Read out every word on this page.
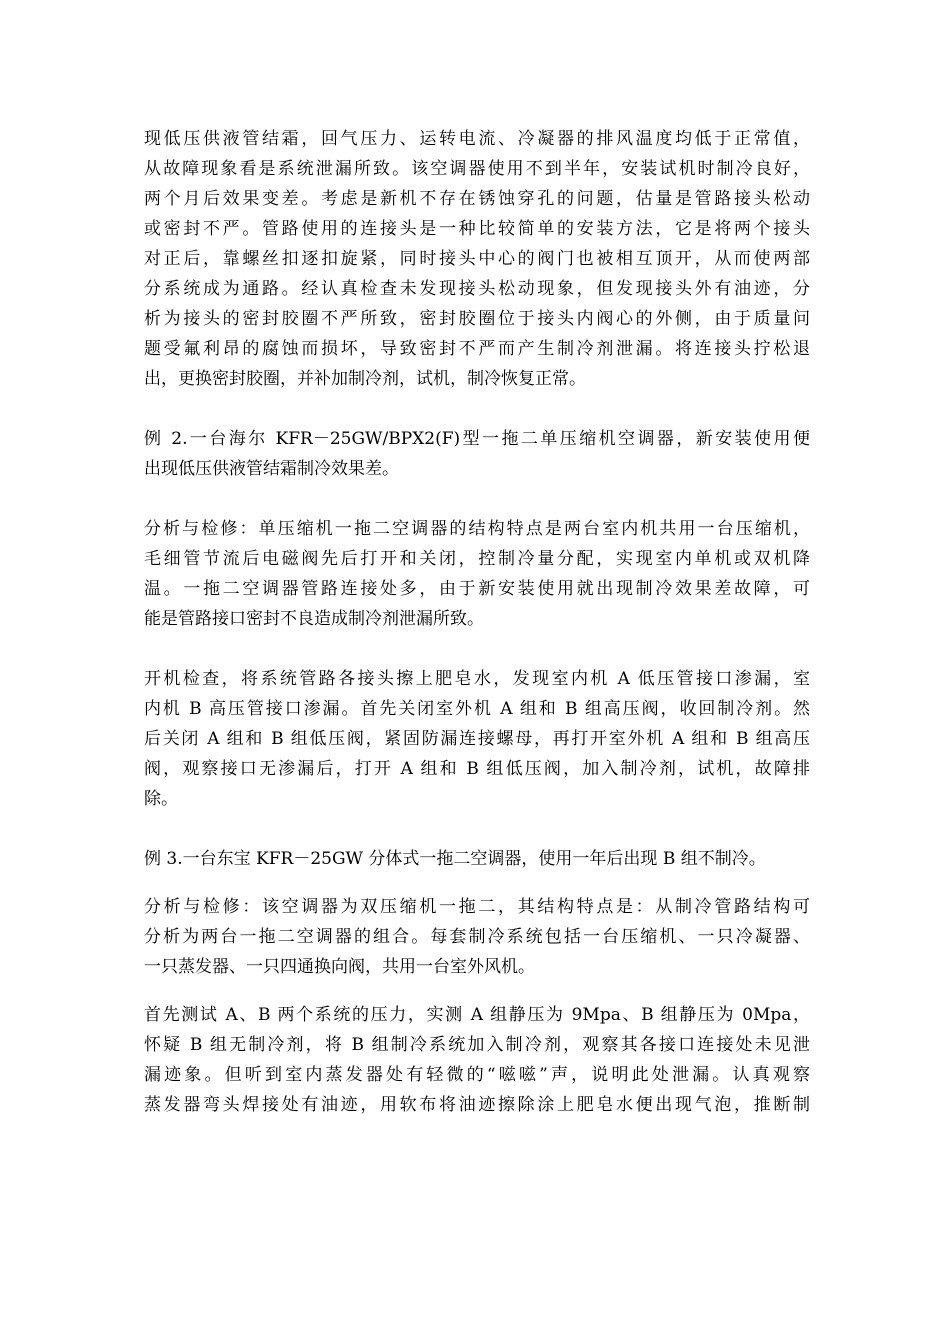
现低压供液管结霜，回气压力、运转电流、冷凝器的排风温度均低于正常值，
从故障现象看是系统泄漏所致。该空调器使用不到半年，安装试机时制冷良好，
两个月后效果变差。考虑是新机不存在锈蚀穿孔的问题，估量是管路接头松动
或密封不严。管路使用的连接头是一种比较简单的安装方法，它是将两个接头
对正后，靠螺丝扣逐扣旋紧，同时接头中心的阀门也被相互顶开，从而使两部
分系统成为通路。经认真检查未发现接头松动现象，但发现接头外有油迹，分
析为接头的密封胶圈不严所致，密封胶圈位于接头内阀心的外侧，由于质量问
题受氟利昂的腐蚀而损坏，导致密封不严而产生制冷剂泄漏。将连接头拧松退
出，更换密封胶圈，并补加制冷剂，试机，制冷恢复正常。
例 2.一台海尔 KFR－25GW/BPX2(F)型一拖二单压缩机空调器，新安装使用便
出现低压供液管结霜制冷效果差。
分析与检修：单压缩机一拖二空调器的结构特点是两台室内机共用一台压缩机，
毛细管节流后电磁阀先后打开和关闭，控制冷量分配，实现室内单机或双机降
温。一拖二空调器管路连接处多，由于新安装使用就出现制冷效果差故障，可
能是管路接口密封不良造成制冷剂泄漏所致。
开机检查，将系统管路各接头擦上肥皂水，发现室内机 A 低压管接口渗漏，室
内机 B 高压管接口渗漏。首先关闭室外机 A 组和 B 组高压阀，收回制冷剂。然
后关闭 A 组和 B 组低压阀，紧固防漏连接螺母，再打开室外机 A 组和 B 组高压
阀，观察接口无渗漏后，打开 A 组和 B 组低压阀，加入制冷剂，试机，故障排
除。
例 3.一台东宝 KFR－25GW 分体式一拖二空调器，使用一年后出现 B 组不制冷。
分析与检修：该空调器为双压缩机一拖二，其结构特点是：从制冷管路结构可
分析为两台一拖二空调器的组合。每套制冷系统包括一台压缩机、一只冷凝器、
一只蒸发器、一只四通换向阀，共用一台室外风机。
首先测试 A、B 两个系统的压力，实测 A 组静压为 9Mpa、B 组静压为 0Mpa，
怀疑 B 组无制冷剂，将 B 组制冷系统加入制冷剂，观察其各接口连接处未见泄
漏迹象。但听到室内蒸发器处有轻微的“嗞嗞”声，说明此处泄漏。认真观察
蒸发器弯头焊接处有油迹，用软布将油迹擦除涂上肥皂水便出现气泡，推断制
